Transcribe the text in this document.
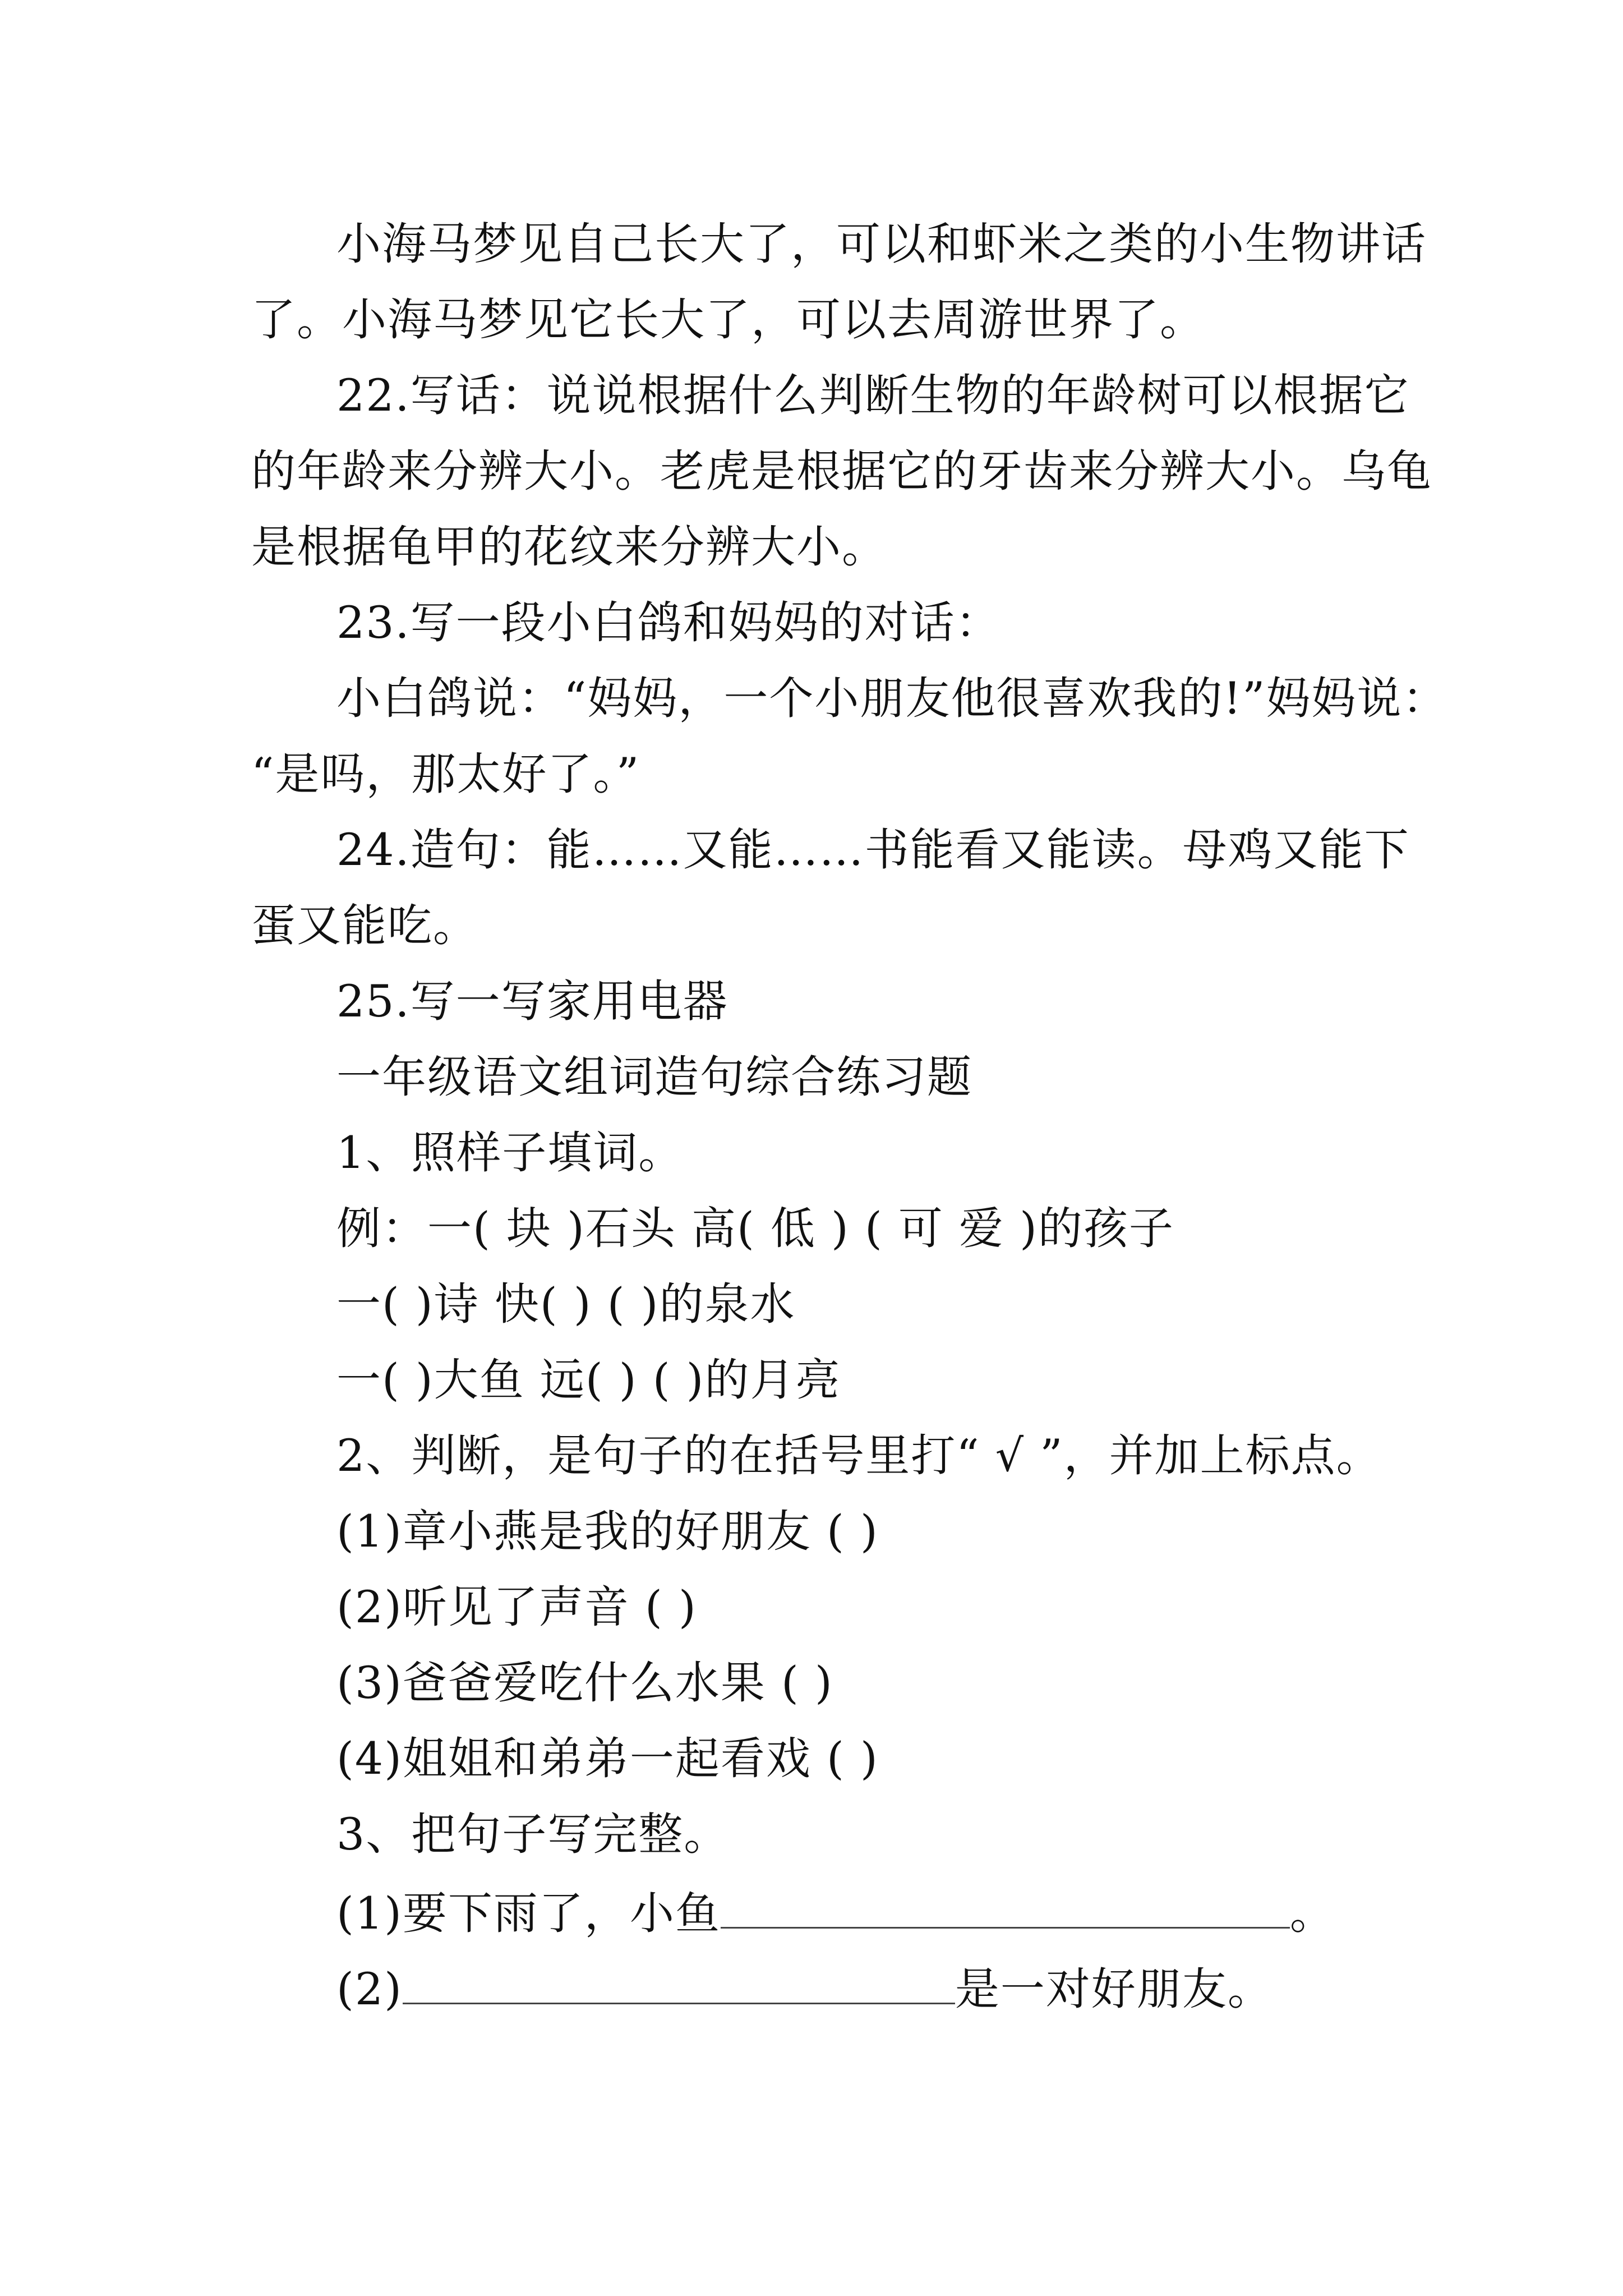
小海马梦见自己长大了，可以和虾米之类的小生物讲话
了。小海马梦见它长大了，可以去周游世界了。
22.写话：说说根据什么判断生物的年龄树可以根据它
的年龄来分辨大小。老虎是根据它的牙齿来分辨大小。乌龟
是根据龟甲的花纹来分辨大小。
23.写一段小白鸽和妈妈的对话：
小白鸽说：“妈妈，一个小朋友他很喜欢我的!”妈妈说：
“是吗，那太好了。”
24.造句：能……又能……书能看又能读。母鸡又能下
蛋又能吃。
25.写一写家用电器
一年级语文组词造句综合练习题
1、照样子填词。
例：一( 块 )石头 高( 低 ) ( 可 爱 )的孩子
一( )诗 快( ) ( )的泉水
一( )大鱼 远( ) ( )的月亮
2、判断，是句子的在括号里打“ √ ”，并加上标点。
(1)章小燕是我的好朋友 ( )
(2)听见了声音 ( )
(3)爸爸爱吃什么水果 ( )
(4)姐姐和弟弟一起看戏 ( )
3、把句子写完整。
(1)要下雨了，小鱼	。
(2)	是一对好朋友。
